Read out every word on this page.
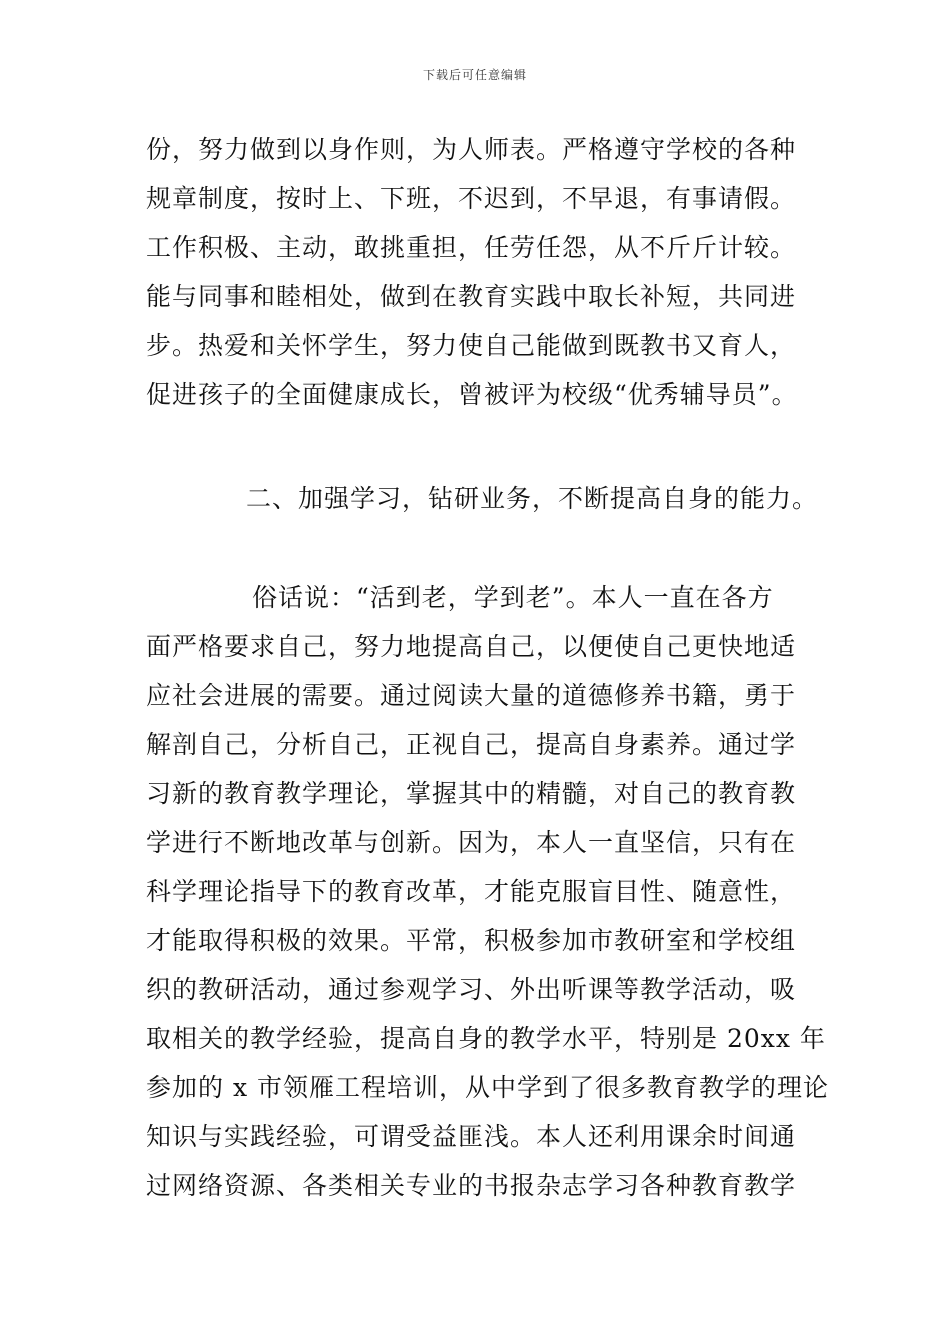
下载后可任意编辑
份，努力做到以身作则，为人师表。严格遵守学校的各种
规章制度，按时上、下班，不迟到，不早退，有事请假。
工作积极、主动，敢挑重担，任劳任怨，从不斤斤计较。
能与同事和睦相处，做到在教育实践中取长补短，共同进
步。热爱和关怀学生，努力使自己能做到既教书又育人，
促进孩子的全面健康成长，曾被评为校级“优秀辅导员”。
二、加强学习，钻研业务，不断提高自身的能力。
俗话说：“活到老，学到老”。本人一直在各方
面严格要求自己，努力地提高自己，以便使自己更快地适
应社会进展的需要。通过阅读大量的道德修养书籍，勇于
解剖自己，分析自己，正视自己，提高自身素养。通过学
习新的教育教学理论，掌握其中的精髓，对自己的教育教
学进行不断地改革与创新。因为，本人一直坚信，只有在
科学理论指导下的教育改革，才能克服盲目性、随意性，
才能取得积极的效果。平常，积极参加市教研室和学校组
织的教研活动，通过参观学习、外出听课等教学活动，吸
取相关的教学经验，提高自身的教学水平，特别是 20xx 年
参加的 x 市领雁工程培训，从中学到了很多教育教学的理论
知识与实践经验，可谓受益匪浅。本人还利用课余时间通
过网络资源、各类相关专业的书报杂志学习各种教育教学
